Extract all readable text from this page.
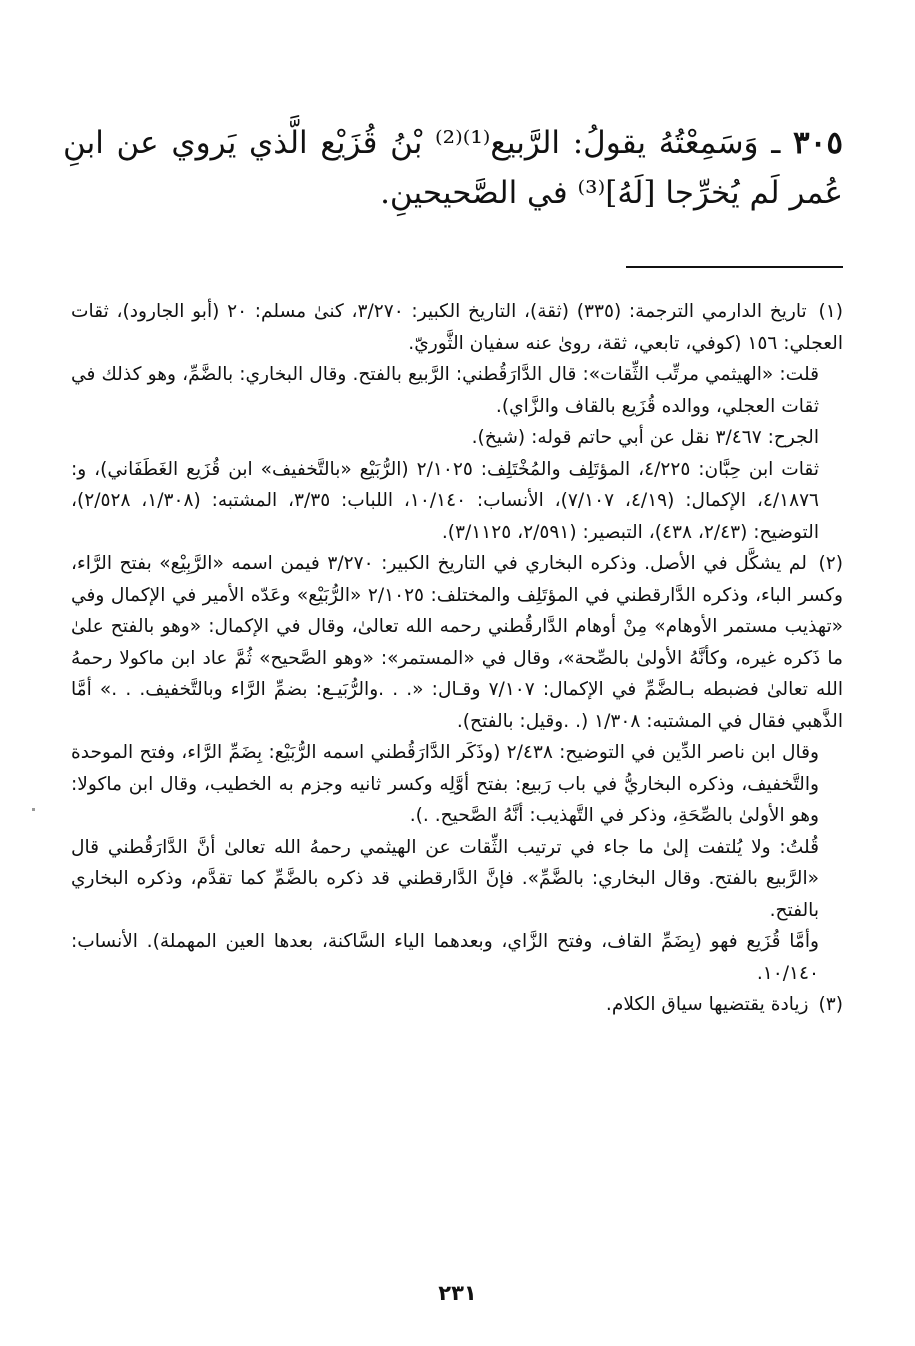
٣٠٥ ـ وَسَمِعْتُهُ يقولُ: الرَّبيع⁽¹⁾⁽²⁾ بْنُ قُزَيْع الَّذي يَروي عن ابنِ عُمر لَم يُخرِّجا [لَهُ]⁽³⁾ في الصَّحيحينِ.

(١) تاريخ الدارمي الترجمة: (٣٣٥) (ثقة)، التاريخ الكبير: ٣/٢٧٠، كنىٰ مسلم: ٢٠ (أبو الجارود)، ثقات العجلي: ١٥٦ (كوفي، تابعي، ثقة، روىٰ عنه سفيان الثَّوريّ.

قلت: «الهيثمي مرتِّب الثِّقات»: قال الدَّارَقُطني: الرَّبيع بالفتح. وقال البخاري: بالضَّمِّ، وهو كذلك في ثقات العجلي، ووالده قُزَيع بالقاف والزَّاي).

الجرح: ٣/٤٦٧ نقل عن أبي حاتم قوله: (شيخ).

ثقات ابن حِبَّان: ٤/٢٢٥، المؤتَلِف والمُخْتَلِف: ٢/١٠٢٥ (الرُّبَيْع «بالتَّخفيف» ابن قُزَيع الغَطَفَاني)، و: ٤/١٨٧٦، الإكمال: (٤/١٩، ٧/١٠٧)، الأنساب: ١٠/١٤٠، اللباب: ٣/٣٥، المشتبه: (١/٣٠٨، ٢/٥٢٨)، التوضيح: (٢/٤٣، ٤٣٨)، التبصير: (٢/٥٩١، ٣/١١٢٥).

(٢) لم يشكَّل في الأصل. وذكره البخاري في التاريخ الكبير: ٣/٢٧٠ فيمن اسمه «الرَّبِيْع» بفتح الرَّاء، وكسر الباء، وذكره الدَّارقطني في المؤتَلِف والمختلف: ٢/١٠٢٥ «الرُّبَيْع» وعَدّه الأمير في الإكمال وفي «تهذيب مستمر الأوهام» مِنْ أوهام الدَّارقُطني رحمه الله تعالىٰ، وقال في الإكمال: «وهو بالفتح علىٰ ما ذَكره غيره، وكأنَّهُ الأولىٰ بالصِّحة»، وقال في «المستمر»: «وهو الصَّحيح» ثُمَّ عاد ابن ماكولا رحمهُ الله تعالىٰ فضبطه بـالضَّمِّ في الإكمال: ٧/١٠٧ وقـال: «. . .والرُّبَيـع: بضمِّ الرَّاء وبالتَّخفيف. . .» أمَّا الذَّهبي فقال في المشتبه: ١/٣٠٨ (. .وقيل: بالفتح).

وقال ابن ناصر الدِّين في التوضيح: ٢/٤٣٨ (وذَكَر الدَّارَقُطني اسمه الرُّبَيْع: بِضَمِّ الرَّاء، وفتح الموحدة والتَّخفيف، وذكره البخاريُّ في باب رَبيع: بفتح أوَّلِه وكسر ثانيه وجزم به الخطيب، وقال ابن ماكولا: وهو الأولىٰ بالصِّحَةِ، وذكر في التَّهذيب: أنَّهُ الصَّحيح. .).

قُلتُ: ولا يُلتفت إلىٰ ما جاء في ترتيب الثِّقات عن الهيثمي رحمهُ الله تعالىٰ أنَّ الدَّارَقُطني قال «الرَّبيع بالفتح. وقال البخاري: بالضَّمِّ». فإنَّ الدَّارقطني قد ذكره بالضَّمِّ كما تقدَّم، وذكره البخاري بالفتح.

وأمَّا قُزَيع فهو (بِضَمِّ القاف، وفتح الزَّاي، وبعدهما الياء السَّاكنة، بعدها العين المهملة). الأنساب: ١٠/١٤٠.

(٣) زيادة يقتضيها سياق الكلام.

٢٣١
